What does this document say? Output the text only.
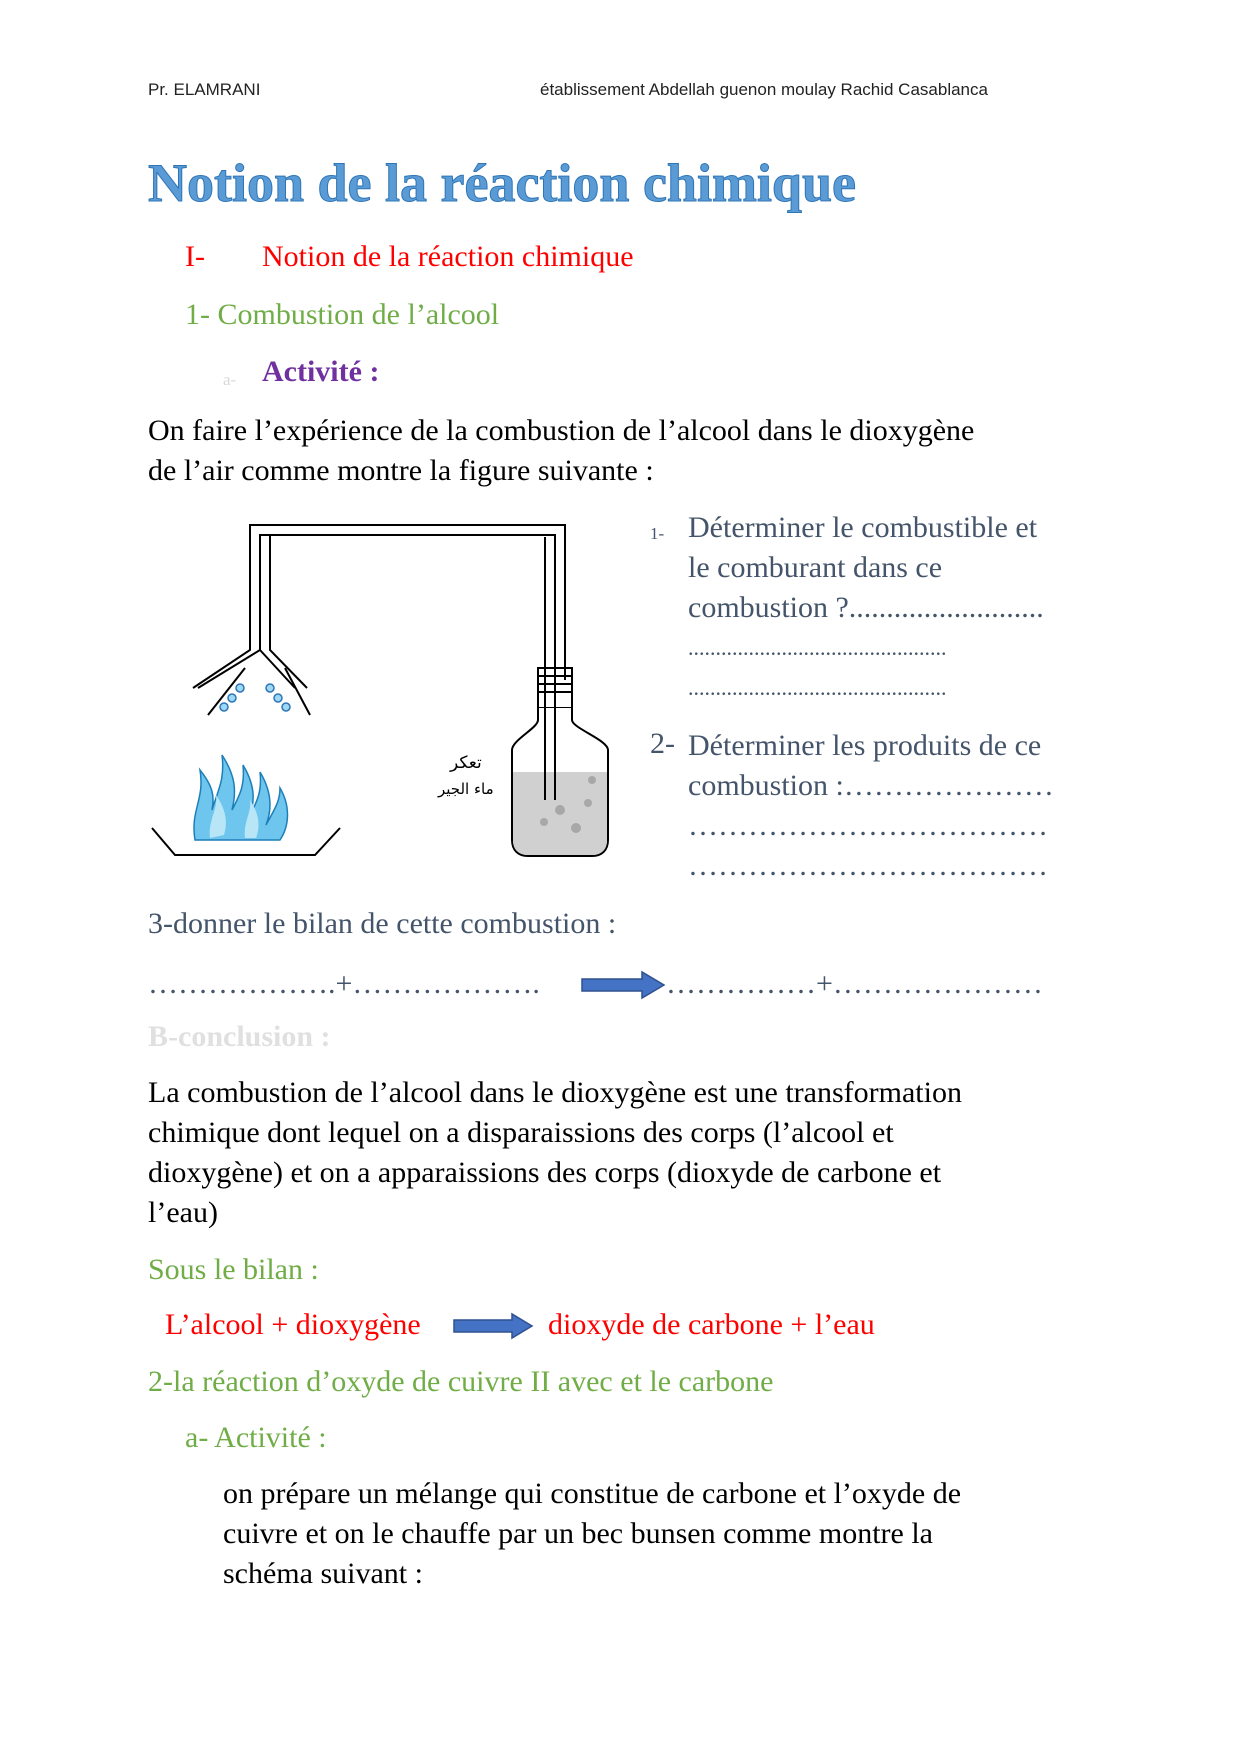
Pr. ELAMRANI	établissement Abdellah guenon moulay Rachid Casablanca
Notion de la réaction chimique
I- Notion de la réaction chimique
1- Combustion de l’alcool
a- Activité :
On faire l’expérience de la combustion de l’alcool dans le dioxygène
de l’air comme montre la figure suivante :
تعكر
ماء الجير
1- Déterminer le combustible et
le comburant dans ce
combustion ?..........................
...............................................
...............................................
2- Déterminer les produits de ce
combustion :…………………
………………………………
………………………………
3-donner le bilan de cette combustion :
……………….+……………….	……………+…………………
B-conclusion :
La combustion de l’alcool dans le dioxygène est une transformation
chimique dont lequel on a disparaissions des corps (l’alcool et
dioxygène) et on a apparaissions des corps (dioxyde de carbone et
l’eau)
Sous le bilan :
L’alcool + dioxygène	dioxyde de carbone + l’eau
2-la réaction d’oxyde de cuivre II avec et le carbone
a- Activité :
on prépare un mélange qui constitue de carbone et l’oxyde de
cuivre et on le chauffe par un bec bunsen comme montre la
schéma suivant :
